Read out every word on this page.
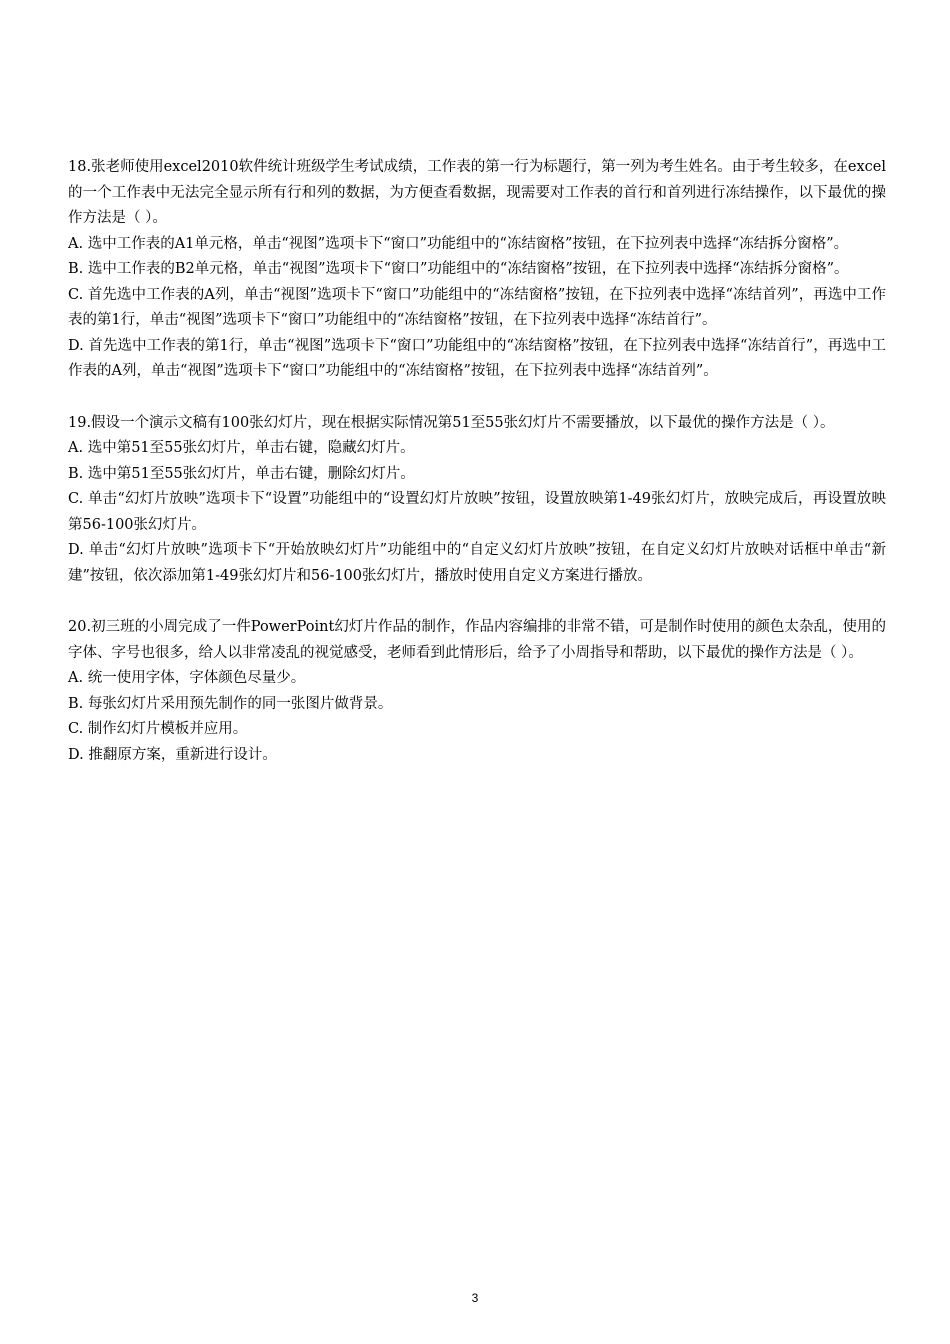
18.张老师使用excel2010软件统计班级学生考试成绩，工作表的第一行为标题行，第一列为考生姓名。由于考生较多，在excel的一个工作表中无法完全显示所有行和列的数据，为方便查看数据，现需要对工作表的首行和首列进行冻结操作，以下最优的操作方法是（ ）。

A. 选中工作表的A1单元格，单击“视图”选项卡下“窗口”功能组中的“冻结窗格”按钮，在下拉列表中选择“冻结拆分窗格”。

B. 选中工作表的B2单元格，单击“视图”选项卡下“窗口”功能组中的“冻结窗格”按钮，在下拉列表中选择“冻结拆分窗格”。

C. 首先选中工作表的A列，单击“视图”选项卡下“窗口”功能组中的“冻结窗格”按钮，在下拉列表中选择“冻结首列”，再选中工作表的第1行，单击“视图”选项卡下“窗口”功能组中的“冻结窗格”按钮，在下拉列表中选择“冻结首行”。

D. 首先选中工作表的第1行，单击“视图”选项卡下“窗口”功能组中的“冻结窗格”按钮，在下拉列表中选择“冻结首行”，再选中工作表的A列，单击“视图”选项卡下“窗口”功能组中的“冻结窗格”按钮，在下拉列表中选择“冻结首列”。

19.假设一个演示文稿有100张幻灯片，现在根据实际情况第51至55张幻灯片不需要播放，以下最优的操作方法是（ ）。

A. 选中第51至55张幻灯片，单击右键，隐藏幻灯片。

B. 选中第51至55张幻灯片，单击右键，删除幻灯片。

C. 单击“幻灯片放映”选项卡下“设置”功能组中的“设置幻灯片放映”按钮，设置放映第1-49张幻灯片，放映完成后，再设置放映第56-100张幻灯片。

D. 单击“幻灯片放映”选项卡下“开始放映幻灯片”功能组中的“自定义幻灯片放映”按钮，在自定义幻灯片放映对话框中单击“新建”按钮，依次添加第1-49张幻灯片和56-100张幻灯片，播放时使用自定义方案进行播放。

20.初三班的小周完成了一件PowerPoint幻灯片作品的制作，作品内容编排的非常不错，可是制作时使用的颜色太杂乱，使用的字体、字号也很多，给人以非常凌乱的视觉感受，老师看到此情形后，给予了小周指导和帮助，以下最优的操作方法是（ ）。

A. 统一使用字体，字体颜色尽量少。

B. 每张幻灯片采用预先制作的同一张图片做背景。

C. 制作幻灯片模板并应用。

D. 推翻原方案，重新进行设计。

3
